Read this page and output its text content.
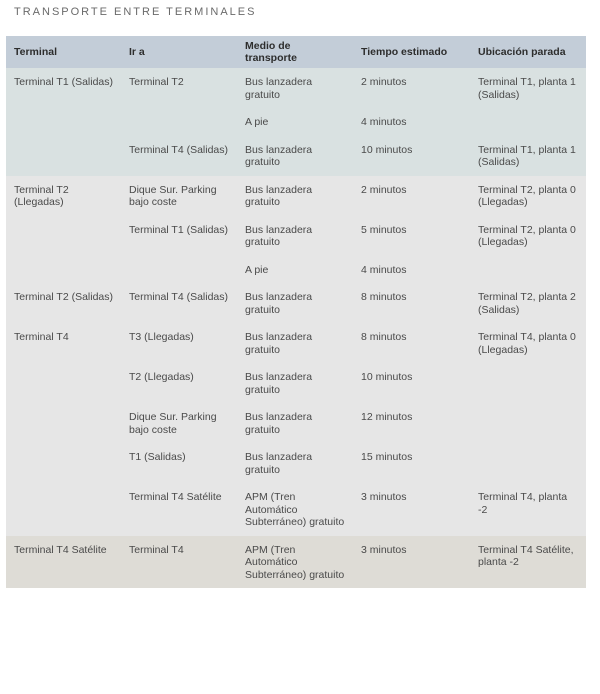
TRANSPORTE ENTRE TERMINALES
Terminal	Ir a	Medio de transporte	Tiempo estimado	Ubicación parada
Terminal T1 (Salidas)	Terminal T2	Bus lanzadera gratuito	2 minutos	Terminal T1, planta 1 (Salidas)
		A pie	4 minutos	
	Terminal T4 (Salidas)	Bus lanzadera gratuito	10 minutos	Terminal T1, planta 1 (Salidas)
Terminal T2 (Llegadas)	Dique Sur. Parking bajo coste	Bus lanzadera gratuito	2 minutos	Terminal T2, planta 0 (Llegadas)
	Terminal T1 (Salidas)	Bus lanzadera gratuito	5 minutos	Terminal T2, planta 0 (Llegadas)
		A pie	4 minutos	
Terminal T2 (Salidas)	Terminal T4 (Salidas)	Bus lanzadera gratuito	8 minutos	Terminal T2, planta 2 (Salidas)
Terminal T4	T3 (Llegadas)	Bus lanzadera gratuito	8 minutos	Terminal T4, planta 0 (Llegadas)
	T2 (Llegadas)	Bus lanzadera gratuito	10 minutos	
	Dique Sur. Parking bajo coste	Bus lanzadera gratuito	12 minutos	
	T1 (Salidas)	Bus lanzadera gratuito	15 minutos	
	Terminal T4 Satélite	APM (Tren Automático Subterráneo) gratuito	3 minutos	Terminal T4, planta -2
Terminal T4 Satélite	Terminal T4	APM (Tren Automático Subterráneo) gratuito	3 minutos	Terminal T4 Satélite, planta -2
